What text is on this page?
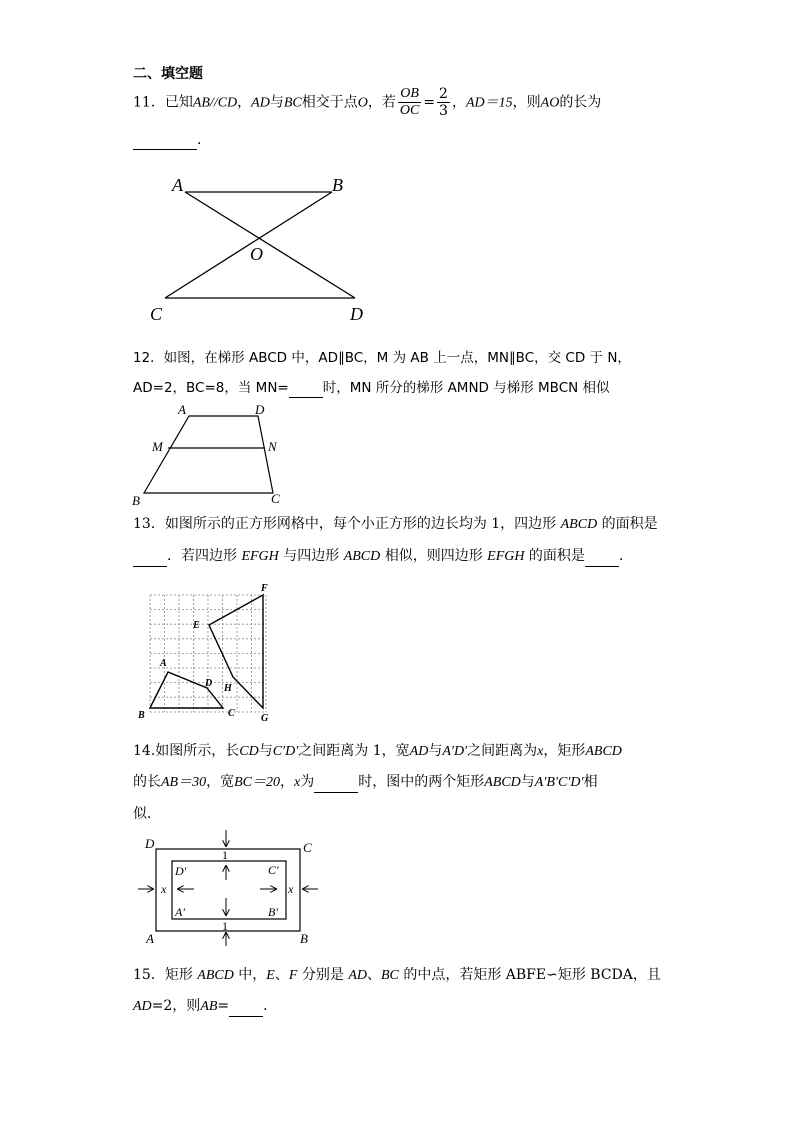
二、填空题
11．已知AB//CD，AD与BC相交于点O，若 $\frac{OB}{OC} = \frac{2}{3}$ ，AD＝15，则AO的长为
．
A	B
O
C	D
12．如图，在梯形 ABCD 中，AD∥BC，M 为 AB 上一点，MN∥BC，交 CD 于 N，
AD=2，BC=8，当 MN=	时，MN 所分的梯形 AMND 与梯形 MBCN 相似
A	D
M	N
B	C
13．如图所示的正方形网格中，每个小正方形的边长均为 1，四边形 ABCD 的面积是
．若四边形 EFGH 与四边形 ABCD 相似，则四边形 EFGH 的面积是 ．
A
B	C
D
E
F
G
H
14.如图所示，长CD与C′D′之间距离为 1，宽AD与A′D′之间距离为x，矩形ABCD
的长AB＝30，宽BC＝20，x为	时，图中的两个矩形ABCD与A′B′C′D′相
似．
D	C
A	B
D′	C′
A′	B′
x	x
1
1
15．矩形 ABCD 中，E、F 分别是 AD、BC 的中点，若矩形 ABFE∽矩形 BCDA，且
AD=2，则AB= ．
